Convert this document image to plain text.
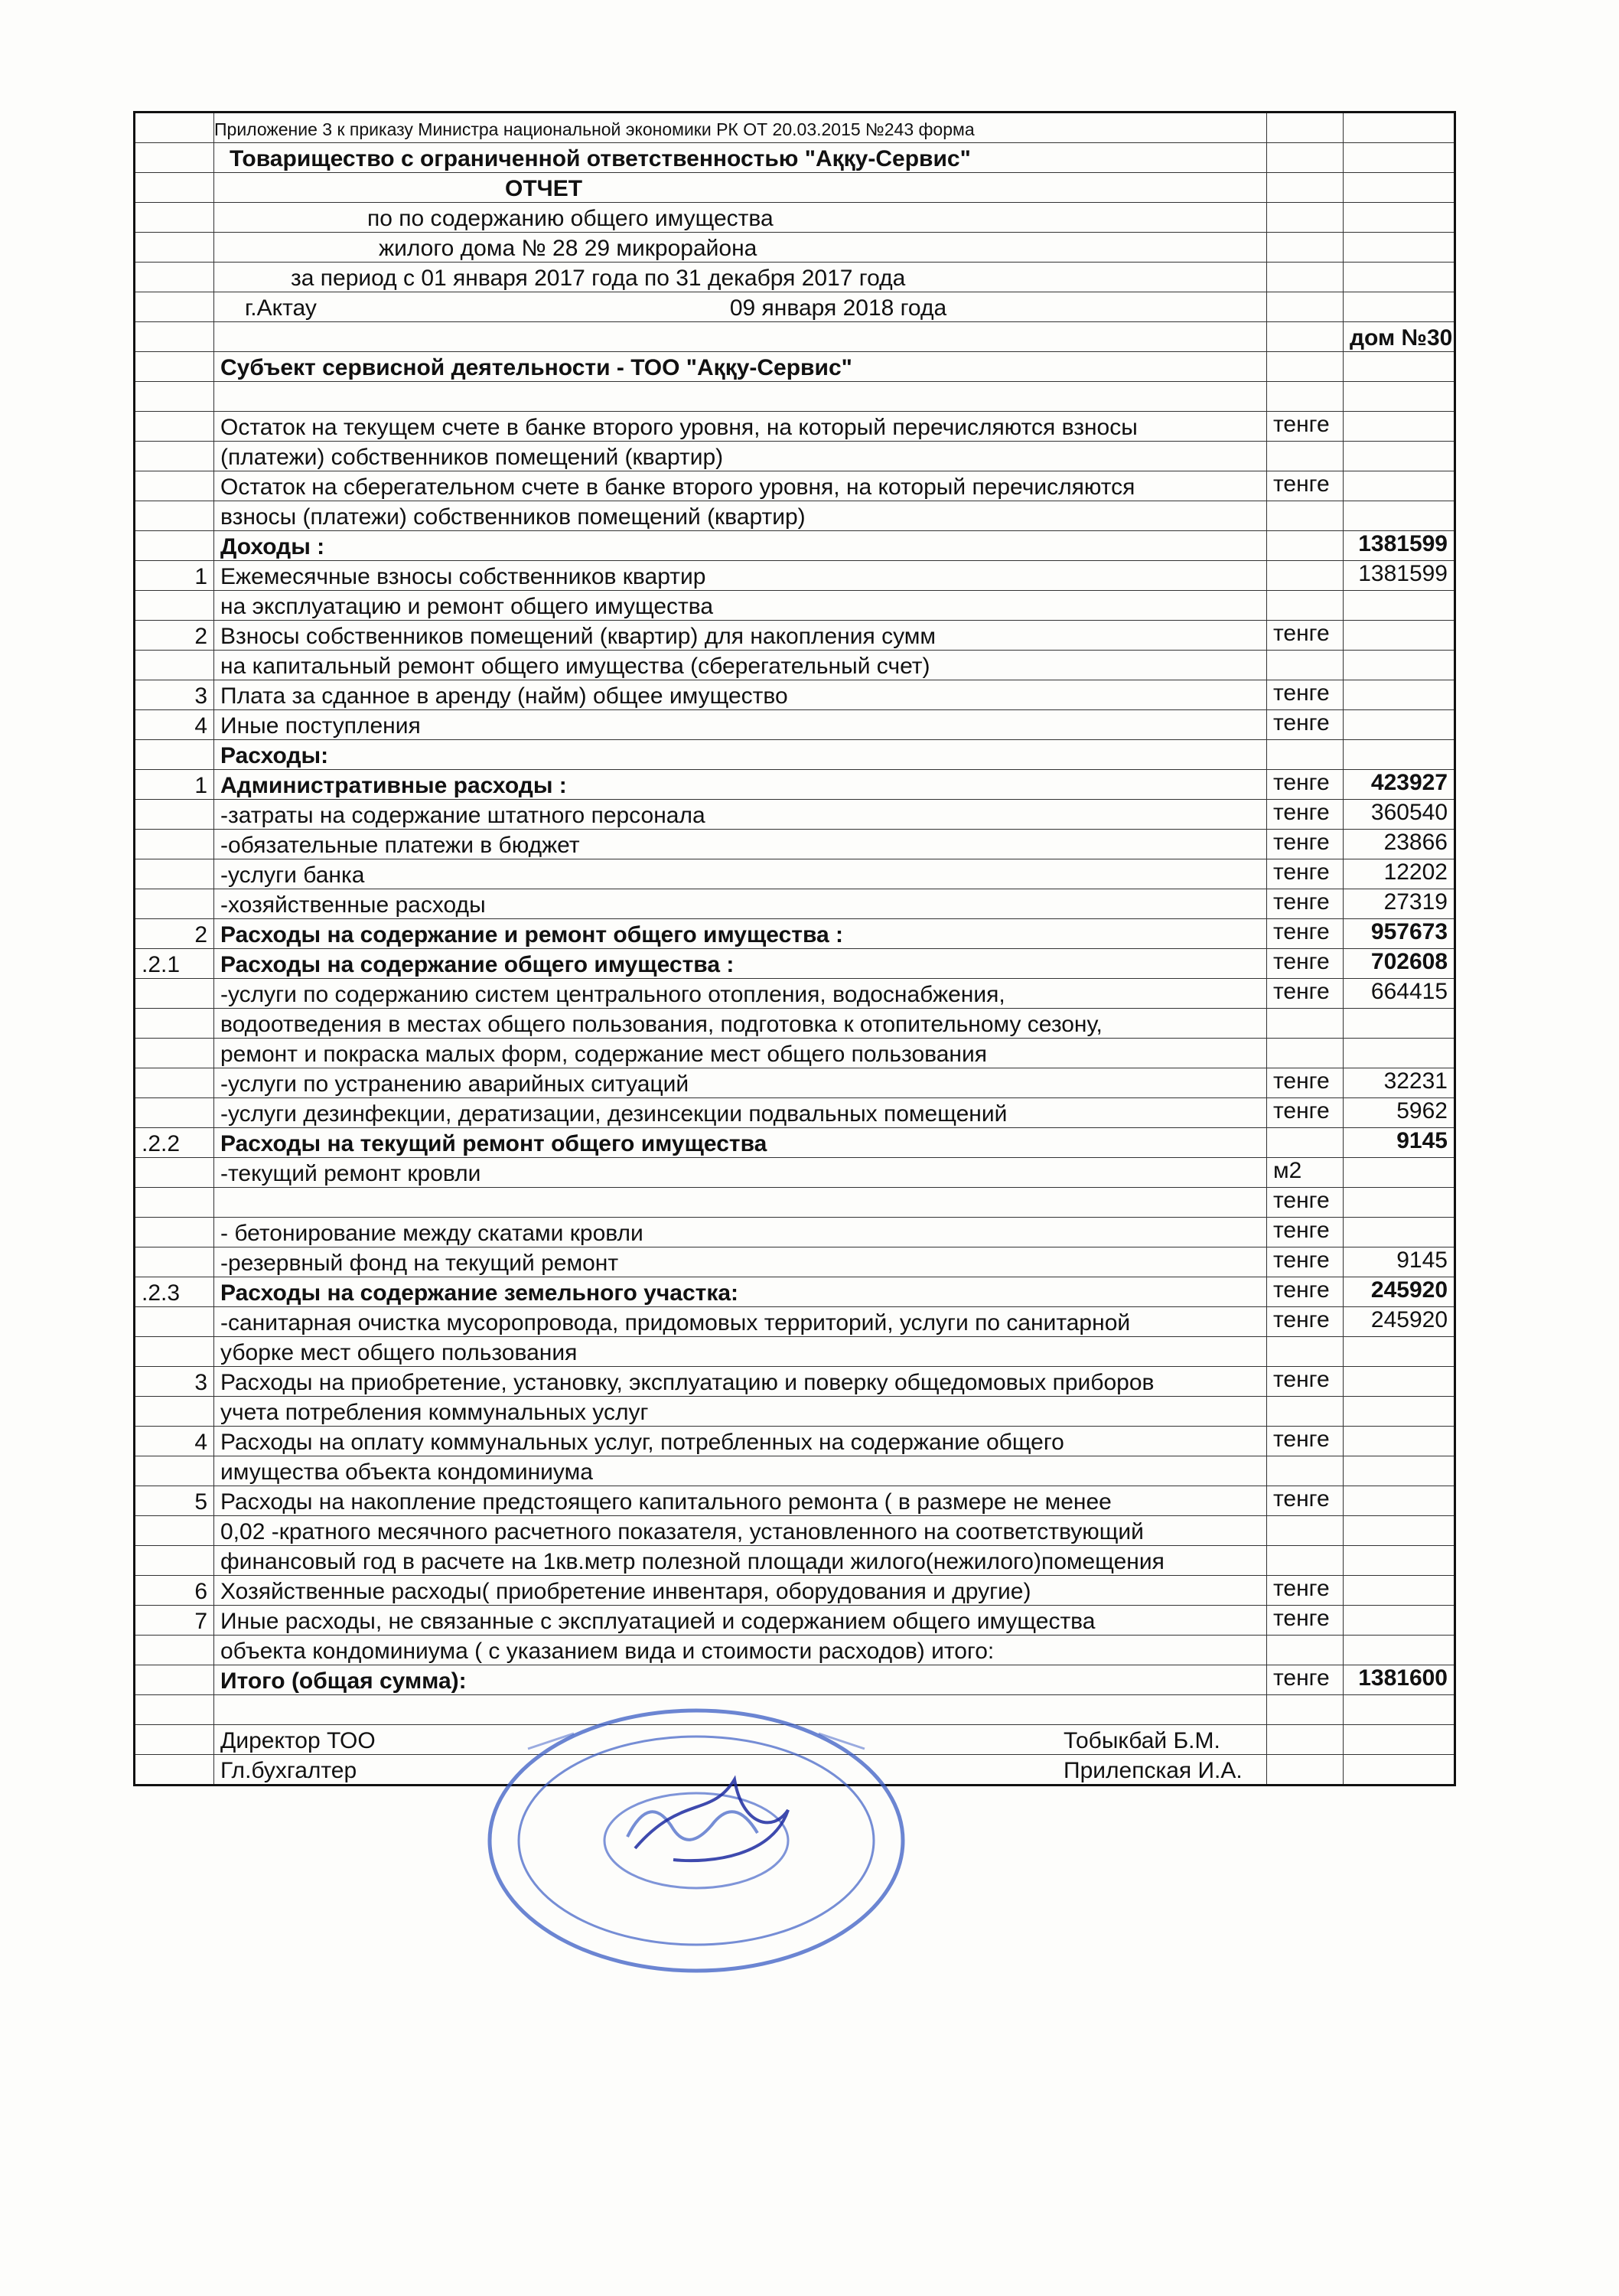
	Приложение 3 к приказу Министра национальной экономики РК ОТ 20.03.2015 №243 форма		
	Товарищество с ограниченной ответственностью "Аққу-Сервис"		
	ОТЧЕТ		
	по по содержанию общего имущества		
	жилого дома № 28 29 микрорайона		
	за период с 01 января 2017 года по 31 декабря 2017 года		
	г.Актау 09 января 2018 года		
			дом №30
	Субъект сервисной деятельности - ТОО "Аққу-Сервис"		

	Остаток на текущем счете в банке второго уровня, на который перечисляются взносы	тенге	
	(платежи) собственников помещений (квартир)		
	Остаток на сберегательном счете в банке второго уровня, на который перечисляются	тенге	
	взносы (платежи) собственников помещений (квартир)		
	Доходы :		1381599
1	Ежемесячные взносы собственников квартир		1381599
	на эксплуатацию и ремонт общего имущества		
2	Взносы собственников помещений (квартир) для накопления сумм	тенге	
	на капитальный ремонт общего имущества (сберегательный счет)		
3	Плата за сданное в аренду (найм) общее имущество	тенге	
4	Иные поступления	тенге	
	Расходы:		
1	Административные расходы :	тенге	423927
	-затраты на содержание штатного персонала	тенге	360540
	-обязательные платежи в бюджет	тенге	23866
	-услуги банка	тенге	12202
	-хозяйственные расходы	тенге	27319
2	Расходы на содержание и ремонт общего имущества :	тенге	957673
.2.1	Расходы на содержание общего имущества :	тенге	702608
	-услуги по содержанию систем центрального отопления, водоснабжения,	тенге	664415
	водоотведения в местах общего пользования, подготовка к отопительному сезону,		
	ремонт и покраска малых форм, содержание мест общего пользования		
	-услуги по устранению аварийных ситуаций	тенге	32231
	-услуги дезинфекции, дератизации, дезинсекции подвальных помещений	тенге	5962
.2.2	Расходы на текущий ремонт общего имущества		9145
	-текущий ремонт кровли	м2	
		тенге	
	- бетонирование между скатами кровли	тенге	
	-резервный фонд на текущий ремонт	тенге	9145
.2.3	Расходы на содержание земельного участка:	тенге	245920
	-санитарная очистка мусоропровода, придомовых территорий, услуги по санитарной	тенге	245920
	уборке мест общего пользования		
3	Расходы на приобретение, установку, эксплуатацию и поверку общедомовых приборов	тенге	
	учета потребления коммунальных услуг		
4	Расходы на оплату коммунальных услуг, потребленных на содержание общего	тенге	
	имущества объекта кондоминиума		
5	Расходы на накопление предстоящего капитального ремонта ( в размере не менее	тенге	
	0,02 -кратного месячного расчетного показателя, установленного на соответствующий		
	финансовый год в расчете на 1кв.метр полезной площади жилого(нежилого)помещения		
6	Хозяйственные расходы( приобретение инвентаря, оборудования и другие)	тенге	
7	Иные расходы, не связанные с эксплуатацией и содержанием общего имущества	тенге	
	объекта кондоминиума ( с указанием вида и стоимости расходов) итого:		
	Итого (общая сумма):	тенге	1381600

	Директор ТОО Тобыкбай Б.М.		

	Гл.бухгалтер Прилепская И.А.		
